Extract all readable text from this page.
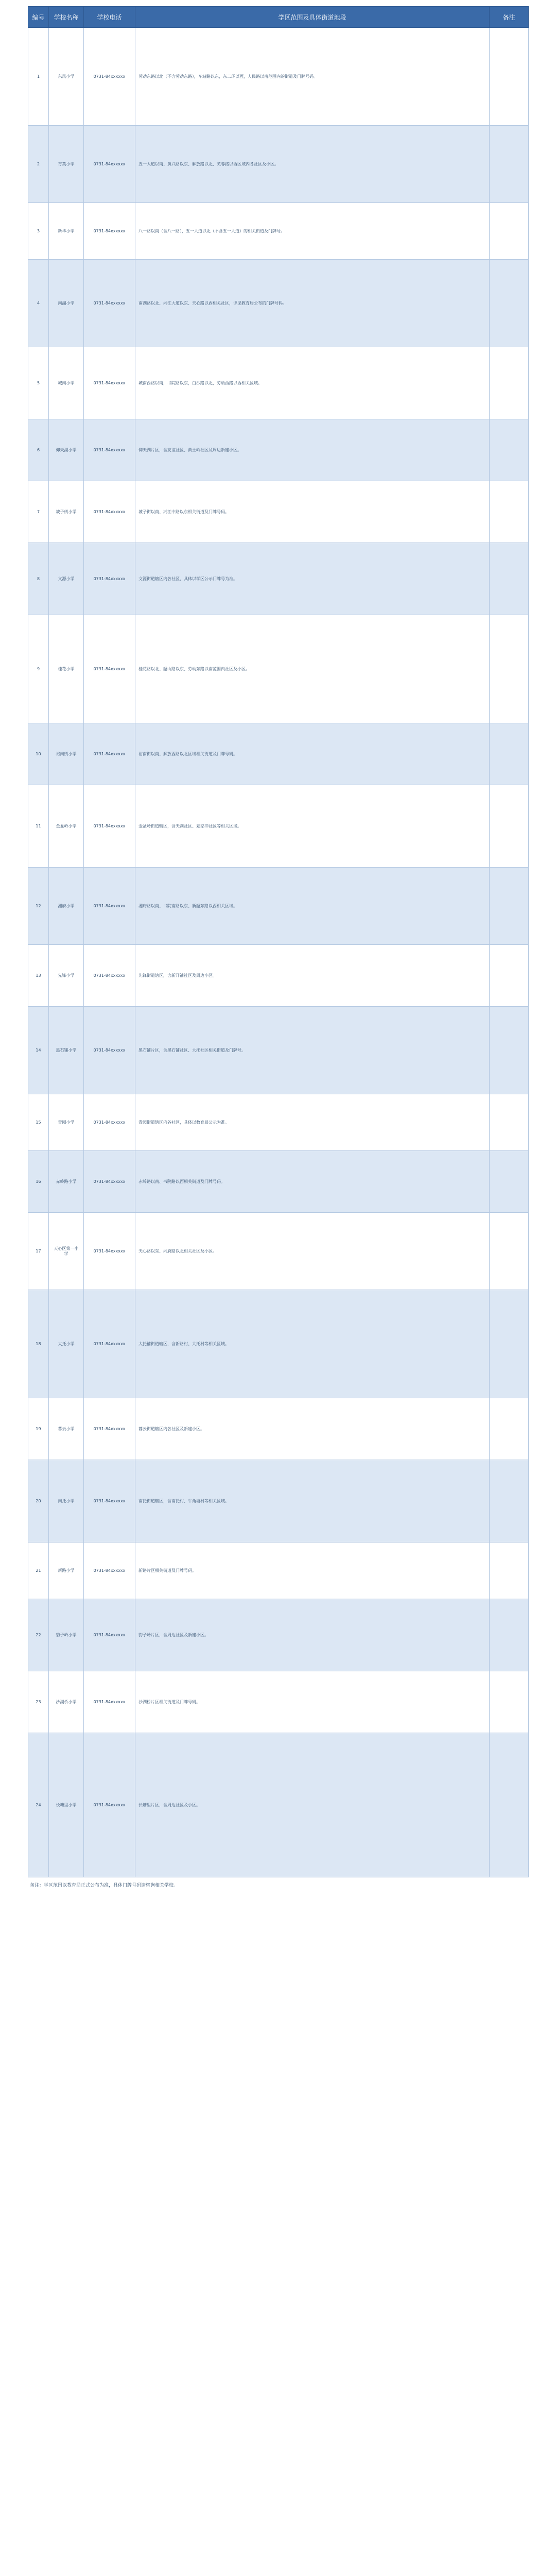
编号	学校名称	学校电话	学区范围及具体街道地段	备注
1	东风小学	0731-84xxxxxx	劳动东路以北（不含劳动东路），车站路以东，东二环以西，人民路以南范围内的街道及门牌号码。	
2	育英小学	0731-84xxxxxx	五一大道以南、黄兴路以东、解放路以北、芙蓉路以西区域内各社区及小区。	
3	新华小学	0731-84xxxxxx	八一路以南（含八一路），五一大道以北（不含五一大道）的相关街道及门牌号。	
4	南湖小学	0731-84xxxxxx	南湖路以北、湘江大道以东、天心路以西相关社区，详见教育局公布的门牌号码。	
5	城南小学	0731-84xxxxxx	城南西路以南，书院路以东，白沙路以北，劳动西路以西相关区域。	
6	仰天湖小学	0731-84xxxxxx	仰天湖片区，含友谊社区、黄土岭社区及周边新建小区。	
7	坡子街小学	0731-84xxxxxx	坡子街以南、湘江中路以东相关街道及门牌号码。	
8	文源小学	0731-84xxxxxx	文源街道辖区内各社区，具体以学区公示门牌号为准。	
9	桂花小学	0731-84xxxxxx	桂花路以北、韶山路以东、劳动东路以南范围内社区及小区。	
10	裕南街小学	0731-84xxxxxx	裕南街以南、解放西路以北区域相关街道及门牌号码。	
11	金盆岭小学	0731-84xxxxxx	金盆岭街道辖区，含天剑社区、夏家冲社区等相关区域。	
12	湘府小学	0731-84xxxxxx	湘府路以南、书院南路以东、新韶东路以西相关区域。	
13	先锋小学	0731-84xxxxxx	先锋街道辖区，含新开铺社区及周边小区。	
14	黑石铺小学	0731-84xxxxxx	黑石铺片区，含黑石铺社区、大托社区相关街道及门牌号。	
15	青园小学	0731-84xxxxxx	青园街道辖区内各社区，具体以教育局公示为准。	
16	赤岭路小学	0731-84xxxxxx	赤岭路以南、书院路以西相关街道及门牌号码。	
17	天心区第一小学	0731-84xxxxxx	天心路以东、湘府路以北相关社区及小区。	
18	大托小学	0731-84xxxxxx	大托铺街道辖区，含新路村、大托村等相关区域。	
19	暮云小学	0731-84xxxxxx	暮云街道辖区内各社区及新建小区。	
20	南托小学	0731-84xxxxxx	南托街道辖区，含南托村、牛角塘村等相关区域。	
21	新路小学	0731-84xxxxxx	新路片区相关街道及门牌号码。	
22	豹子岭小学	0731-84xxxxxx	豹子岭片区，含周边社区及新建小区。	
23	沙湖桥小学	0731-84xxxxxx	沙湖桥片区相关街道及门牌号码。	
24	长塘里小学	0731-84xxxxxx	长塘里片区，含周边社区及小区。	
备注：学区范围以教育局正式公布为准，具体门牌号码请咨询相关学校。
